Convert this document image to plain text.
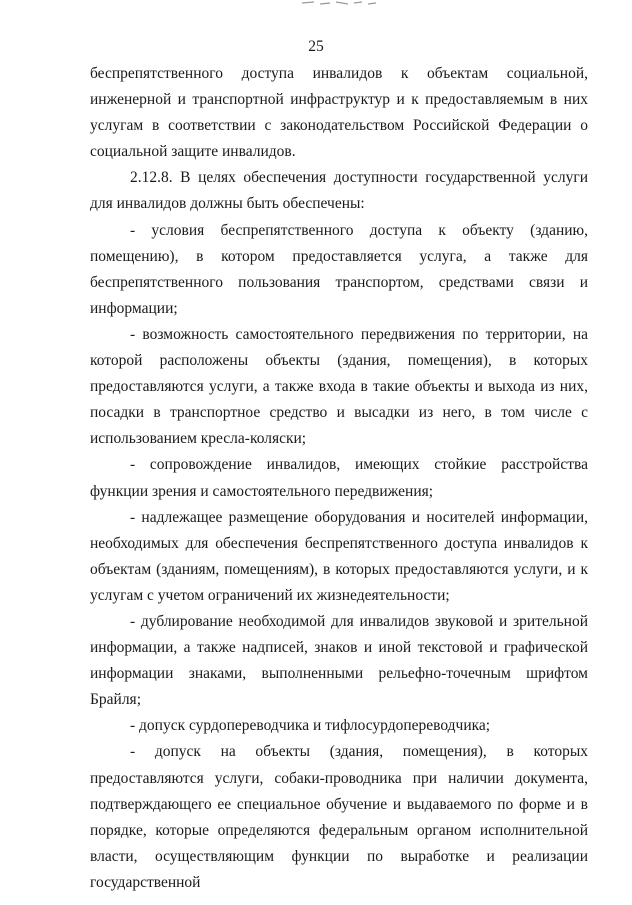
25

беспрепятственного доступа инвалидов к объектам социальной, инженерной и транспортной инфраструктур и к предоставляемым в них услугам в соответствии с законодательством Российской Федерации о социальной защите инвалидов.

2.12.8. В целях обеспечения доступности государственной услуги для инвалидов должны быть обеспечены:

- условия беспрепятственного доступа к объекту (зданию, помещению), в котором предоставляется услуга, а также для беспрепятственного пользования транспортом, средствами связи и информации;

- возможность самостоятельного передвижения по территории, на которой расположены объекты (здания, помещения), в которых предоставляются услуги, а также входа в такие объекты и выхода из них, посадки в транспортное средство и высадки из него, в том числе с использованием кресла-коляски;

- сопровождение инвалидов, имеющих стойкие расстройства функции зрения и самостоятельного передвижения;

- надлежащее размещение оборудования и носителей информации, необходимых для обеспечения беспрепятственного доступа инвалидов к объектам (зданиям, помещениям), в которых предоставляются услуги, и к услугам с учетом ограничений их жизнедеятельности;

- дублирование необходимой для инвалидов звуковой и зрительной информации, а также надписей, знаков и иной текстовой и графической информации знаками, выполненными рельефно-точечным шрифтом Брайля;

- допуск сурдопереводчика и тифлосурдопереводчика;

- допуск на объекты (здания, помещения), в которых предоставляются услуги, собаки-проводника при наличии документа, подтверждающего ее специальное обучение и выдаваемого по форме и в порядке, которые определяются федеральным органом исполнительной власти, осуществляющим функции по выработке и реализации государственной
